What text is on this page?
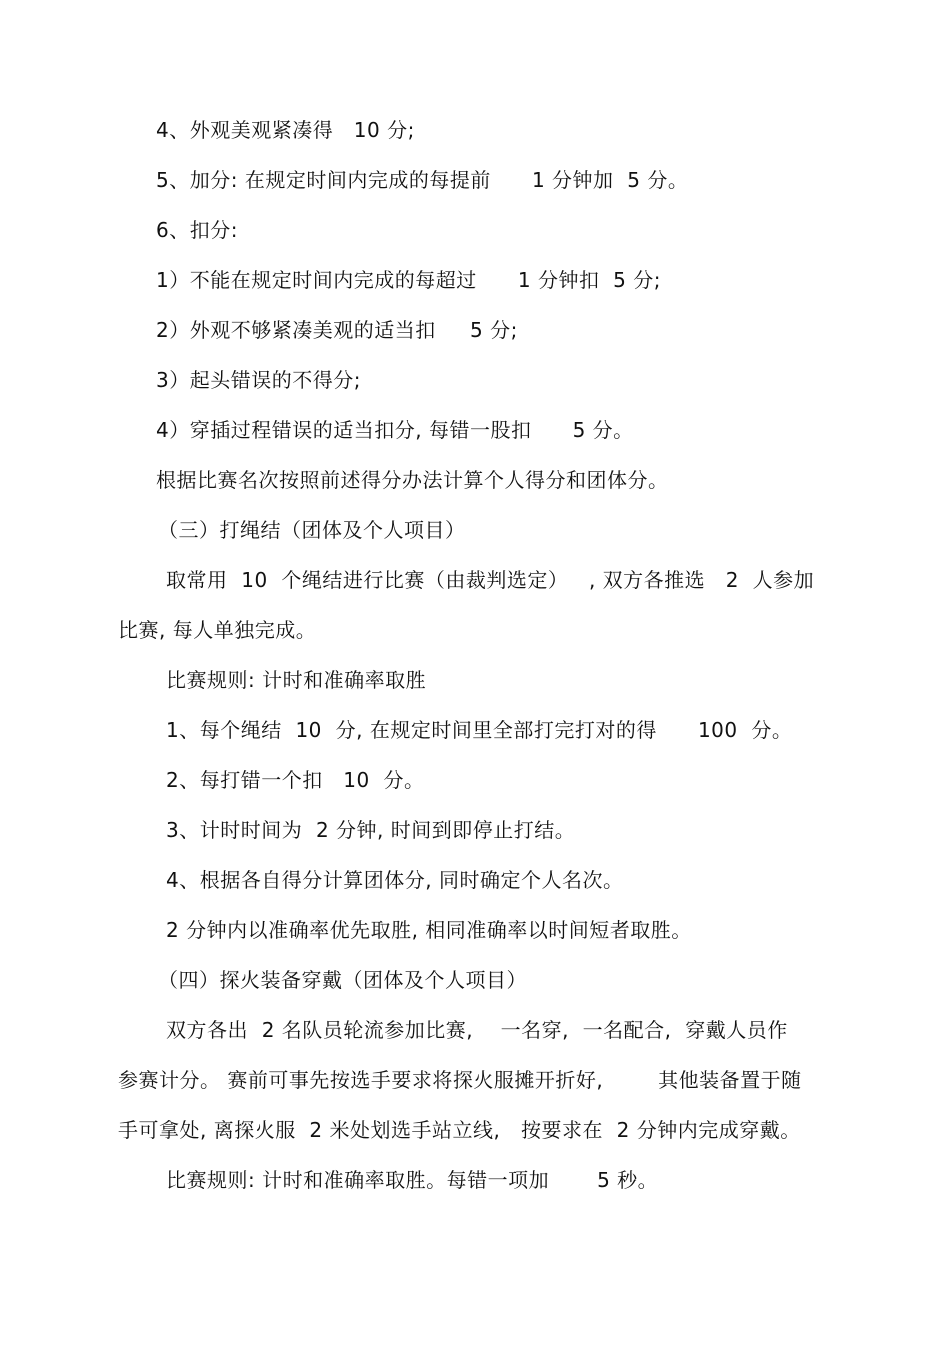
4、外观美观紧凑得   10 分;
5、加分: 在规定时间内完成的每提前      1 分钟加  5 分。
6、扣分:
1）不能在规定时间内完成的每超过      1 分钟扣  5 分;
2）外观不够紧凑美观的适当扣     5 分;
3）起头错误的不得分;
4）穿插过程错误的适当扣分, 每错一股扣      5 分。
根据比赛名次按照前述得分办法计算个人得分和团体分。
（三）打绳结（团体及个人项目）
取常用  10  个绳结进行比赛（由裁判选定）   , 双方各推选   2  人参加
比赛, 每人单独完成。
比赛规则: 计时和准确率取胜
1、每个绳结  10  分, 在规定时间里全部打完打对的得      100  分。
2、每打错一个扣   10  分。
3、计时时间为  2 分钟, 时间到即停止打结。
4、根据各自得分计算团体分, 同时确定个人名次。
2 分钟内以准确率优先取胜, 相同准确率以时间短者取胜。
（四）探火装备穿戴（团体及个人项目）
双方各出  2 名队员轮流参加比赛,    一名穿,  一名配合,  穿戴人员作
参赛计分。 赛前可事先按选手要求将探火服摊开折好,        其他装备置于随
手可拿处, 离探火服  2 米处划选手站立线,   按要求在  2 分钟内完成穿戴。
比赛规则: 计时和准确率取胜。每错一项加       5 秒。
